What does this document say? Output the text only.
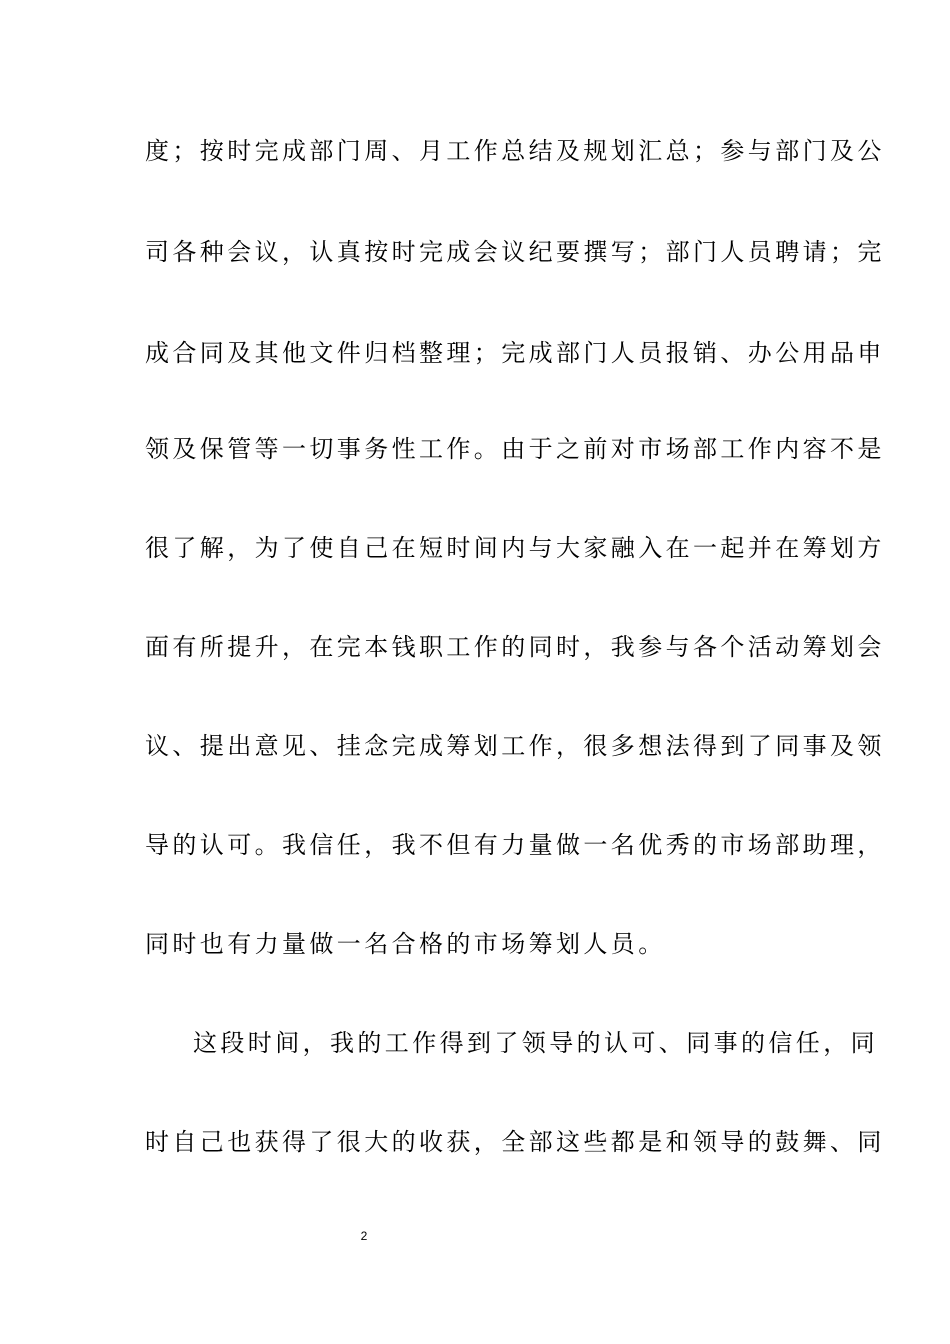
度；按时完成部门周、月工作总结及规划汇总；参与部门及公
司各种会议，认真按时完成会议纪要撰写；部门人员聘请；完
成合同及其他文件归档整理；完成部门人员报销、办公用品申
领及保管等一切事务性工作。由于之前对市场部工作内容不是
很了解，为了使自己在短时间内与大家融入在一起并在筹划方
面有所提升，在完本钱职工作的同时，我参与各个活动筹划会
议、提出意见、挂念完成筹划工作，很多想法得到了同事及领
导的认可。我信任，我不但有力量做一名优秀的市场部助理，
同时也有力量做一名合格的市场筹划人员。
这段时间，我的工作得到了领导的认可、同事的信任，同
时自己也获得了很大的收获，全部这些都是和领导的鼓舞、同
2
